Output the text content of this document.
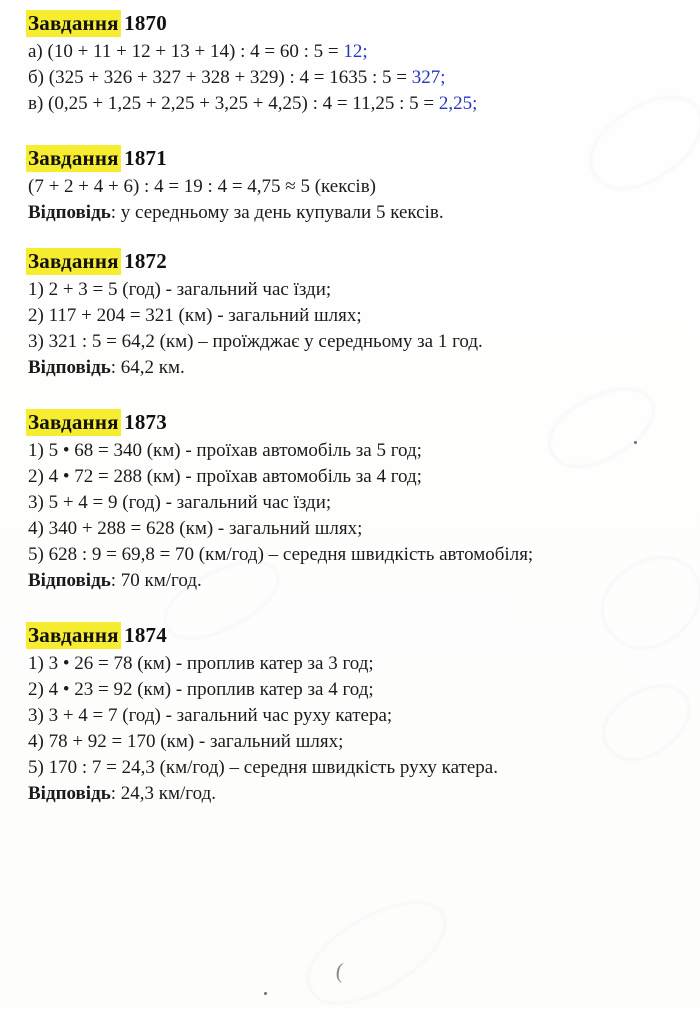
Завдання 1870

а) (10 + 11 + 12 + 13 + 14) : 4 = 60 : 5 = 12;

б) (325 + 326 + 327 + 328 + 329) : 4 = 1635 : 5 = 327;

в) (0,25 + 1,25 + 2,25 + 3,25 + 4,25) : 4 = 11,25 : 5 = 2,25;

Завдання 1871

(7 + 2 + 4 + 6) : 4 = 19 : 4 = 4,75 ≈ 5 (кексів)

Відповідь: у середньому за день купували 5 кексів.

Завдання 1872

1) 2 + 3 = 5 (год) - загальний час їзди;

2) 117 + 204 = 321 (км) - загальний шлях;

3) 321 : 5 = 64,2 (км) – проїжджає у середньому за 1 год.

Відповідь: 64,2 км.

Завдання 1873

1) 5 • 68 = 340 (км) - проїхав автомобіль за 5 год;

2) 4 • 72 = 288 (км) - проїхав автомобіль за 4 год;

3) 5 + 4 = 9 (год) - загальний час їзди;

4) 340 + 288 = 628 (км) - загальний шлях;

5) 628 : 9 = 69,8 = 70 (км/год) – середня швидкість автомобіля;

Відповідь: 70 км/год.

Завдання 1874

1) 3 • 26 = 78 (км) - проплив катер за 3 год;

2) 4 • 23 = 92 (км) - проплив катер за 4 год;

3) 3 + 4 = 7 (год) - загальний час руху катера;

4) 78 + 92 = 170 (км) - загальний шлях;

5) 170 : 7 = 24,3 (км/год) – середня швидкість руху катера.

Відповідь: 24,3 км/год.

(
